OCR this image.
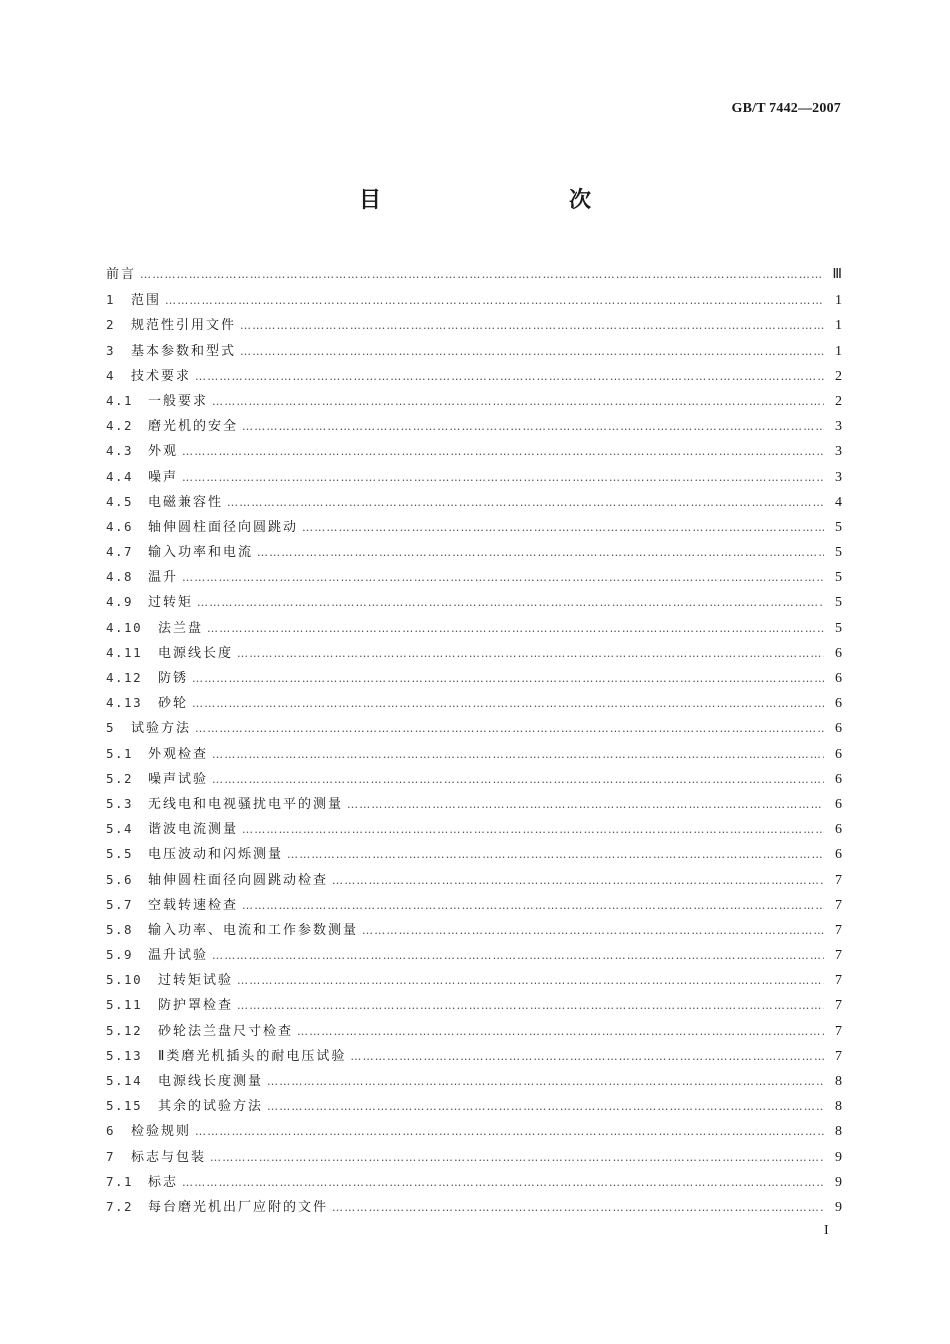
GB/T 7442—2007
目　　次
前言 ……………………………………………………………………………………………………………………………………………………………………………………………………………………	Ⅲ
1	范围 ……………………………………………………………………………………………………………………………………………………………………………………………………………………	1
2	规范性引用文件 ……………………………………………………………………………………………………………………………………………………………………………………………………………………	1
3	基本参数和型式 ……………………………………………………………………………………………………………………………………………………………………………………………………………………	1
4	技术要求 ……………………………………………………………………………………………………………………………………………………………………………………………………………………	2
4.1	一般要求 ……………………………………………………………………………………………………………………………………………………………………………………………………………………	2
4.2	磨光机的安全 ……………………………………………………………………………………………………………………………………………………………………………………………………………………	3
4.3	外观 ……………………………………………………………………………………………………………………………………………………………………………………………………………………	3
4.4	噪声 ……………………………………………………………………………………………………………………………………………………………………………………………………………………	3
4.5	电磁兼容性 ……………………………………………………………………………………………………………………………………………………………………………………………………………………	4
4.6	轴伸圆柱面径向圆跳动 ……………………………………………………………………………………………………………………………………………………………………………………………………………………	5
4.7	输入功率和电流 ……………………………………………………………………………………………………………………………………………………………………………………………………………………	5
4.8	温升 ……………………………………………………………………………………………………………………………………………………………………………………………………………………	5
4.9	过转矩 ……………………………………………………………………………………………………………………………………………………………………………………………………………………	5
4.10	法兰盘 ……………………………………………………………………………………………………………………………………………………………………………………………………………………	5
4.11	电源线长度 ……………………………………………………………………………………………………………………………………………………………………………………………………………………	6
4.12	防锈 ……………………………………………………………………………………………………………………………………………………………………………………………………………………	6
4.13	砂轮 ……………………………………………………………………………………………………………………………………………………………………………………………………………………	6
5	试验方法 ……………………………………………………………………………………………………………………………………………………………………………………………………………………	6
5.1	外观检查 ……………………………………………………………………………………………………………………………………………………………………………………………………………………	6
5.2	噪声试验 ……………………………………………………………………………………………………………………………………………………………………………………………………………………	6
5.3	无线电和电视骚扰电平的测量 ……………………………………………………………………………………………………………………………………………………………………………………………………………………	6
5.4	谐波电流测量 ……………………………………………………………………………………………………………………………………………………………………………………………………………………	6
5.5	电压波动和闪烁测量 ……………………………………………………………………………………………………………………………………………………………………………………………………………………	6
5.6	轴伸圆柱面径向圆跳动检查 ……………………………………………………………………………………………………………………………………………………………………………………………………………………	7
5.7	空载转速检查 ……………………………………………………………………………………………………………………………………………………………………………………………………………………	7
5.8	输入功率、电流和工作参数测量 ……………………………………………………………………………………………………………………………………………………………………………………………………………………	7
5.9	温升试验 ……………………………………………………………………………………………………………………………………………………………………………………………………………………	7
5.10	过转矩试验 ……………………………………………………………………………………………………………………………………………………………………………………………………………………	7
5.11	防护罩检查 ……………………………………………………………………………………………………………………………………………………………………………………………………………………	7
5.12	砂轮法兰盘尺寸检查 ……………………………………………………………………………………………………………………………………………………………………………………………………………………	7
5.13	Ⅱ类磨光机插头的耐电压试验 ……………………………………………………………………………………………………………………………………………………………………………………………………………………	7
5.14	电源线长度测量 ……………………………………………………………………………………………………………………………………………………………………………………………………………………	8
5.15	其余的试验方法 ……………………………………………………………………………………………………………………………………………………………………………………………………………………	8
6	检验规则 ……………………………………………………………………………………………………………………………………………………………………………………………………………………	8
7	标志与包装 ……………………………………………………………………………………………………………………………………………………………………………………………………………………	9
7.1	标志 ……………………………………………………………………………………………………………………………………………………………………………………………………………………	9
7.2	每台磨光机出厂应附的文件 ……………………………………………………………………………………………………………………………………………………………………………………………………………………	9
I
